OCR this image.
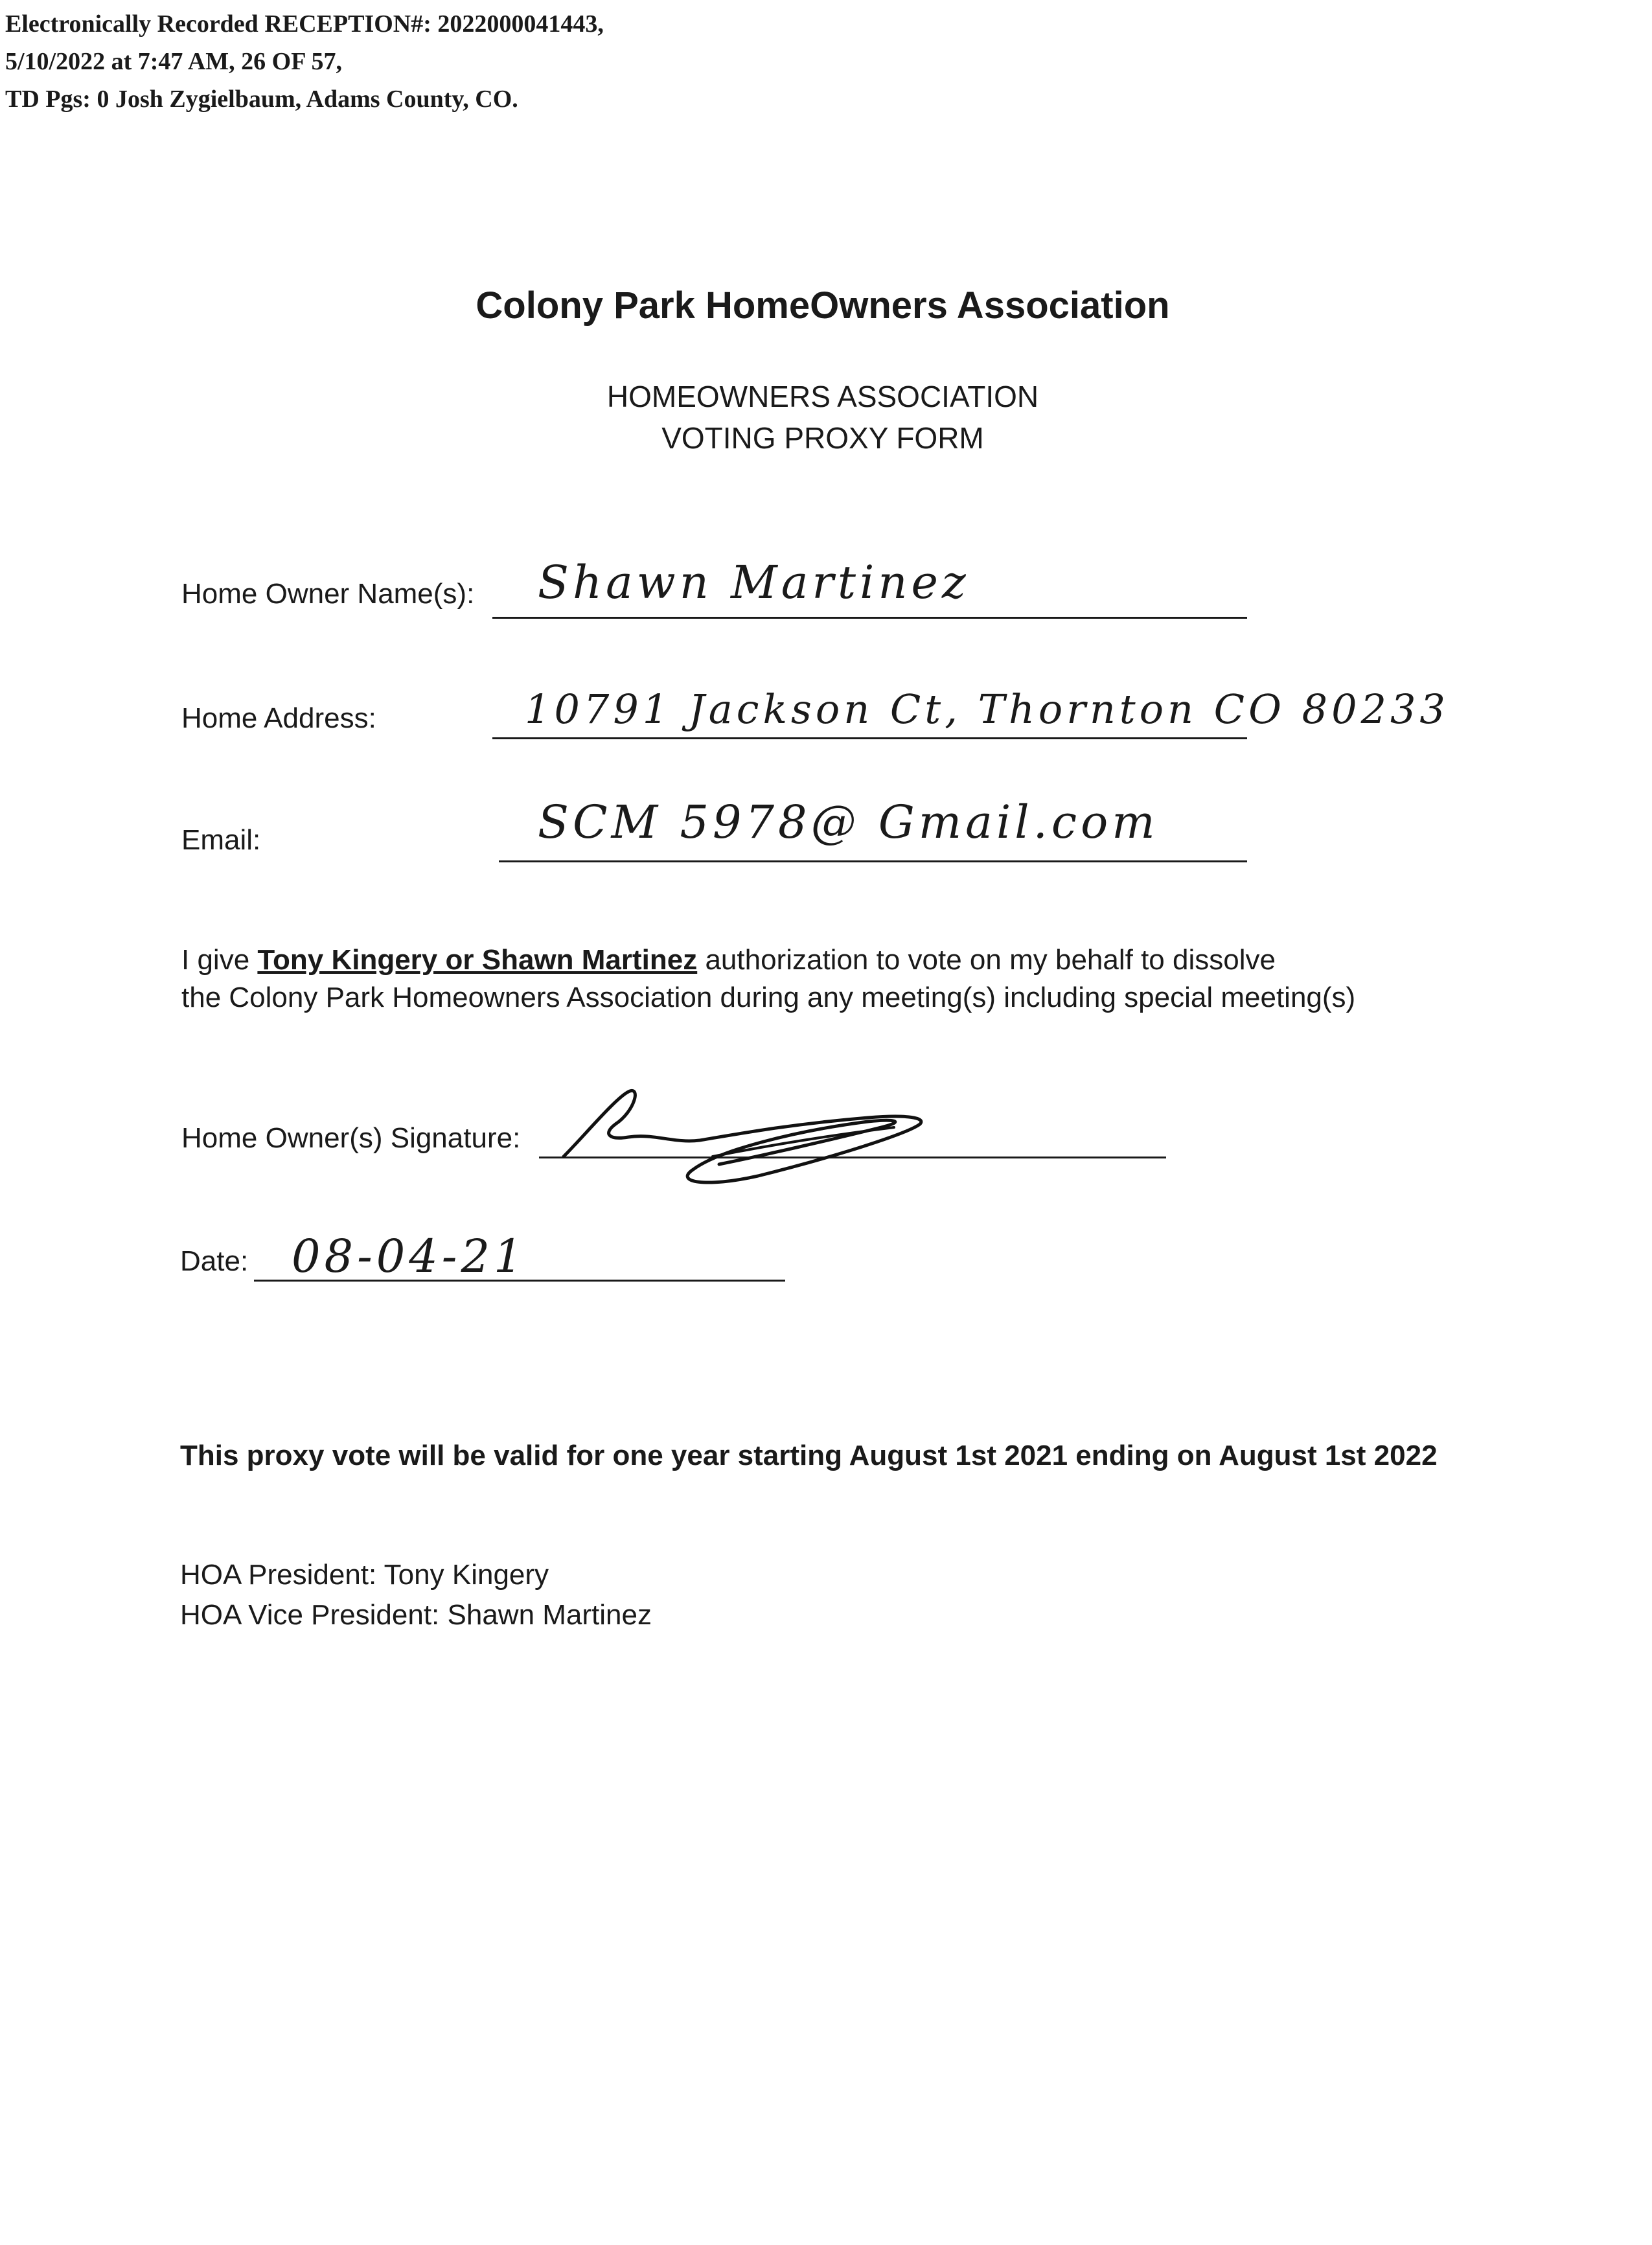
Electronically Recorded RECEPTION#: 2022000041443,
5/10/2022 at 7:47 AM, 26 OF 57,
TD Pgs: 0 Josh Zygielbaum, Adams County, CO.
Colony Park HomeOwners Association
HOMEOWNERS ASSOCIATION
VOTING PROXY FORM
Home Owner Name(s): Shawn Martinez
Home Address:	10791 Jackson Ct, Thornton CO 80233
Email:	SCM 5978@ Gmail.com
I give Tony Kingery or Shawn Martinez authorization to vote on my behalf to dissolve
the Colony Park Homeowners Association during any meeting(s) including special meeting(s)
Home Owner(s) Signature:
Date: 08-04-21
This proxy vote will be valid for one year starting August 1st 2021 ending on August 1st 2022
HOA President: Tony Kingery
HOA Vice President: Shawn Martinez
